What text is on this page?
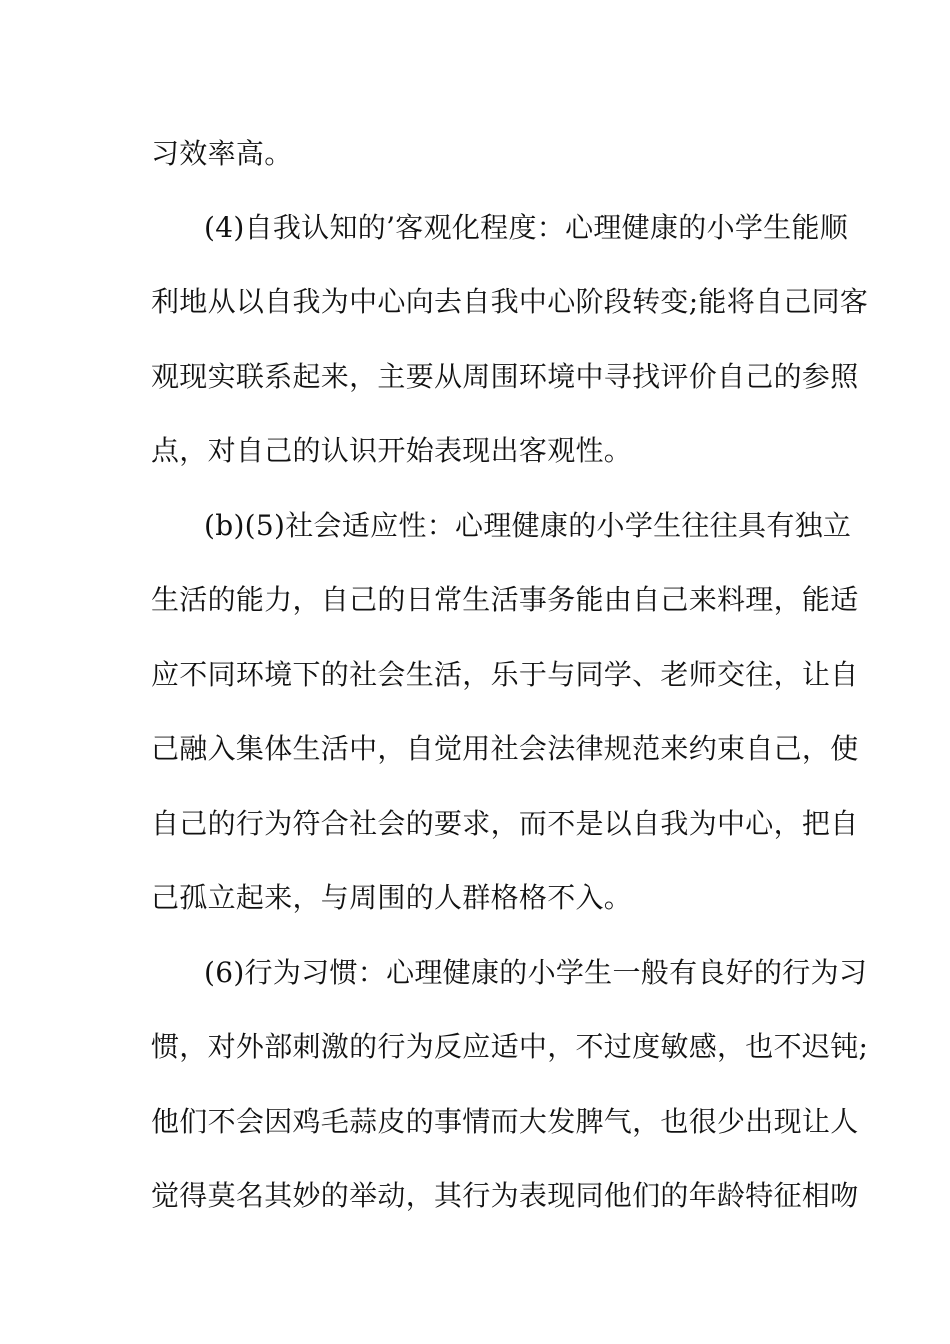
习效率高。
(4)自我认知的’客观化程度：心理健康的小学生能顺
利地从以自我为中心向去自我中心阶段转变;能将自己同客
观现实联系起来，主要从周围环境中寻找评价自己的参照
点，对自己的认识开始表现出客观性。
(b)(5)社会适应性：心理健康的小学生往往具有独立
生活的能力，自己的日常生活事务能由自己来料理，能适
应不同环境下的社会生活，乐于与同学、老师交往，让自
己融入集体生活中，自觉用社会法律规范来约束自己，使
自己的行为符合社会的要求，而不是以自我为中心，把自
己孤立起来，与周围的人群格格不入。
(6)行为习惯：心理健康的小学生一般有良好的行为习
惯，对外部刺激的行为反应适中，不过度敏感，也不迟钝;
他们不会因鸡毛蒜皮的事情而大发脾气，也很少出现让人
觉得莫名其妙的举动，其行为表现同他们的年龄特征相吻
